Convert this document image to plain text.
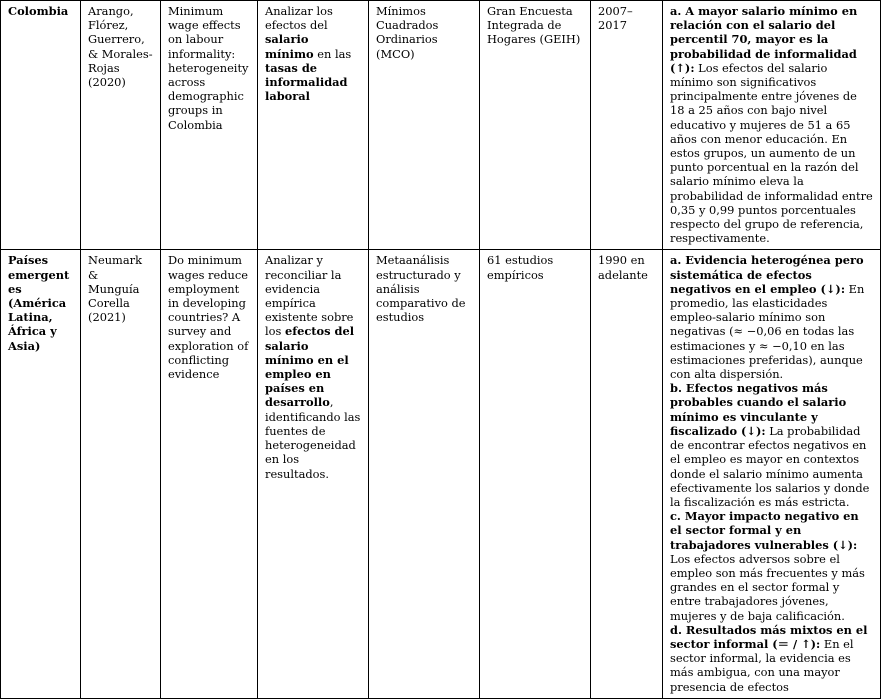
Colombia	Arango, Flórez, Guerrero, & Morales-Rojas (2020)	Minimum wage effects on labour informality: heterogeneity across demographic groups in Colombia	Analizar los efectos del salario mínimo en las tasas de informalidad laboral	Mínimos Cuadrados Ordinarios (MCO)	Gran Encuesta Integrada de Hogares (GEIH)	2007–2017	a. A mayor salario mínimo en relación con el salario del percentil 70, mayor es la probabilidad de informalidad (↑): Los efectos del salario mínimo son significativos principalmente entre jóvenes de 18 a 25 años con bajo nivel educativo y mujeres de 51 a 65 años con menor educación. En estos grupos, un aumento de un punto porcentual en la razón del salario mínimo eleva la probabilidad de informalidad entre 0,35 y 0,99 puntos porcentuales respecto del grupo de referencia, respectivamente.

Países emergentes (América Latina, África y Asia)	Neumark & Munguía Corella (2021)	Do minimum wages reduce employment in developing countries? A survey and exploration of conflicting evidence	Analizar y reconciliar la evidencia empírica existente sobre los efectos del salario mínimo en el empleo en países en desarrollo, identificando las fuentes de heterogeneidad en los resultados.	Metaanálisis estructurado y análisis comparativo de estudios	61 estudios empíricos	1990 en adelante	a. Evidencia heterogénea pero sistemática de efectos negativos en el empleo (↓): En promedio, las elasticidades empleo-salario mínimo son negativas (≈ −0,06 en todas las estimaciones y ≈ −0,10 en las estimaciones preferidas), aunque con alta dispersión.
b. Efectos negativos más probables cuando el salario mínimo es vinculante y fiscalizado (↓): La probabilidad de encontrar efectos negativos en el empleo es mayor en contextos donde el salario mínimo aumenta efectivamente los salarios y donde la fiscalización es más estricta.
c. Mayor impacto negativo en el sector formal y en trabajadores vulnerables (↓): Los efectos adversos sobre el empleo son más frecuentes y más grandes en el sector formal y entre trabajadores jóvenes, mujeres y de baja calificación.
d. Resultados más mixtos en el sector informal (＝ / ↑): En el sector informal, la evidencia es más ambigua, con una mayor presencia de efectos
